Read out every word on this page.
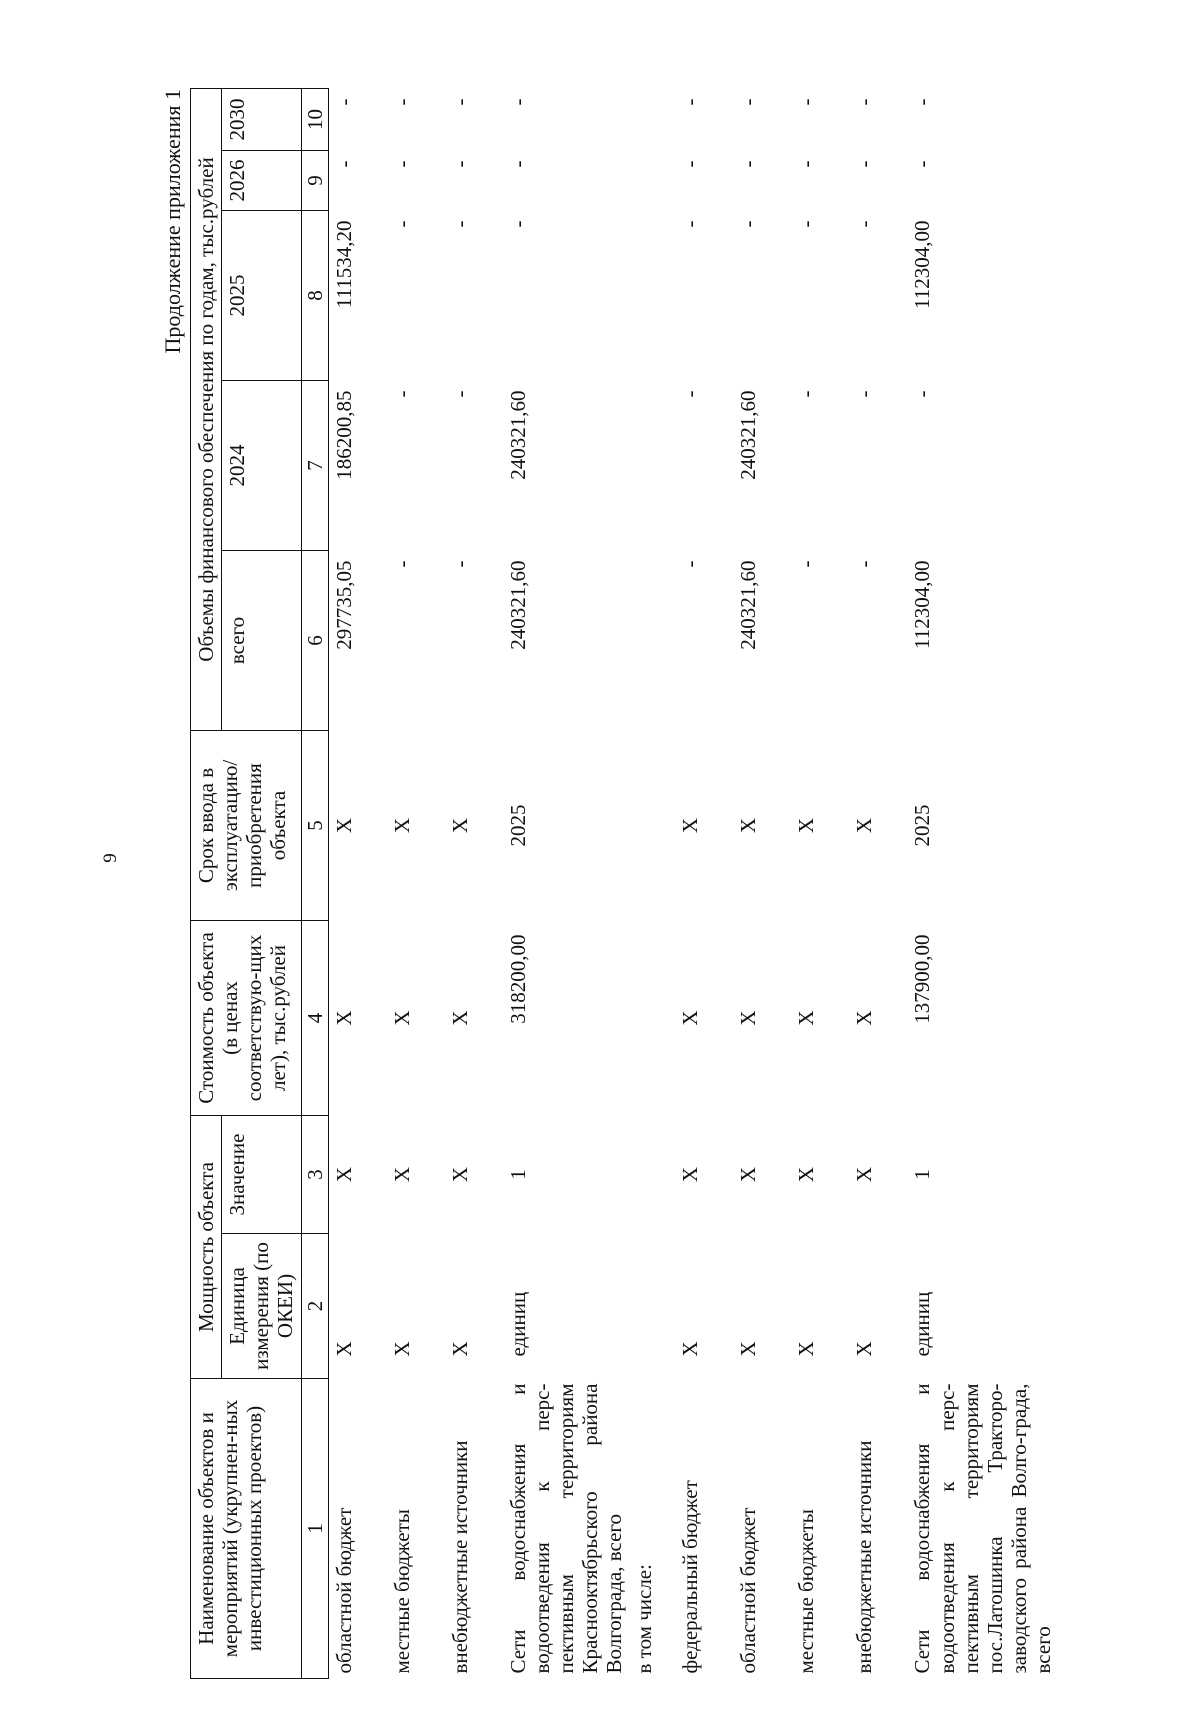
9
Продолжение приложения 1
Наименование объектов и мероприятий (укрупнен-ных инвестиционных проектов)	Мощность объекта		Стоимость объекта (в ценах соответствую-щих лет), тыс.рублей	Срок ввода в эксплуатацию/ приобретения объекта	Объемы финансового обеспечения по годам, тыс.рублей				
	Единица измерения (по ОКЕИ)	Значение			всего	2024	2025	2026	2030
1	2	3	4	5	6	7	8	9	10
областной бюджет	X	X	X	X	297735,05	186200,85	111534,20	-	-
местные бюджеты	X	X	X	X	-	-	-	-	-
внебюджетные источники	X	X	X	X	-	-	-	-	-
Сети водоснабжения и водоотведения к перс-пективным территориям Краснооктябрьского района Волгограда, всего	единиц	1	318200,00	2025	240321,60	240321,60	-	-	-
в том числе:									
федеральный бюджет	X	X	X	X	-	-	-	-	-
областной бюджет	X	X	X	X	240321,60	240321,60	-	-	-
местные бюджеты	X	X	X	X	-	-	-	-	-
внебюджетные источники	X	X	X	X	-	-	-	-	-
Сети водоснабжения и водоотведения к перс-пективным территориям пос.Латошинка Тракторо-заводского района Волго-града, всего	единиц	1	137900,00	2025	112304,00	-	112304,00	-	-
